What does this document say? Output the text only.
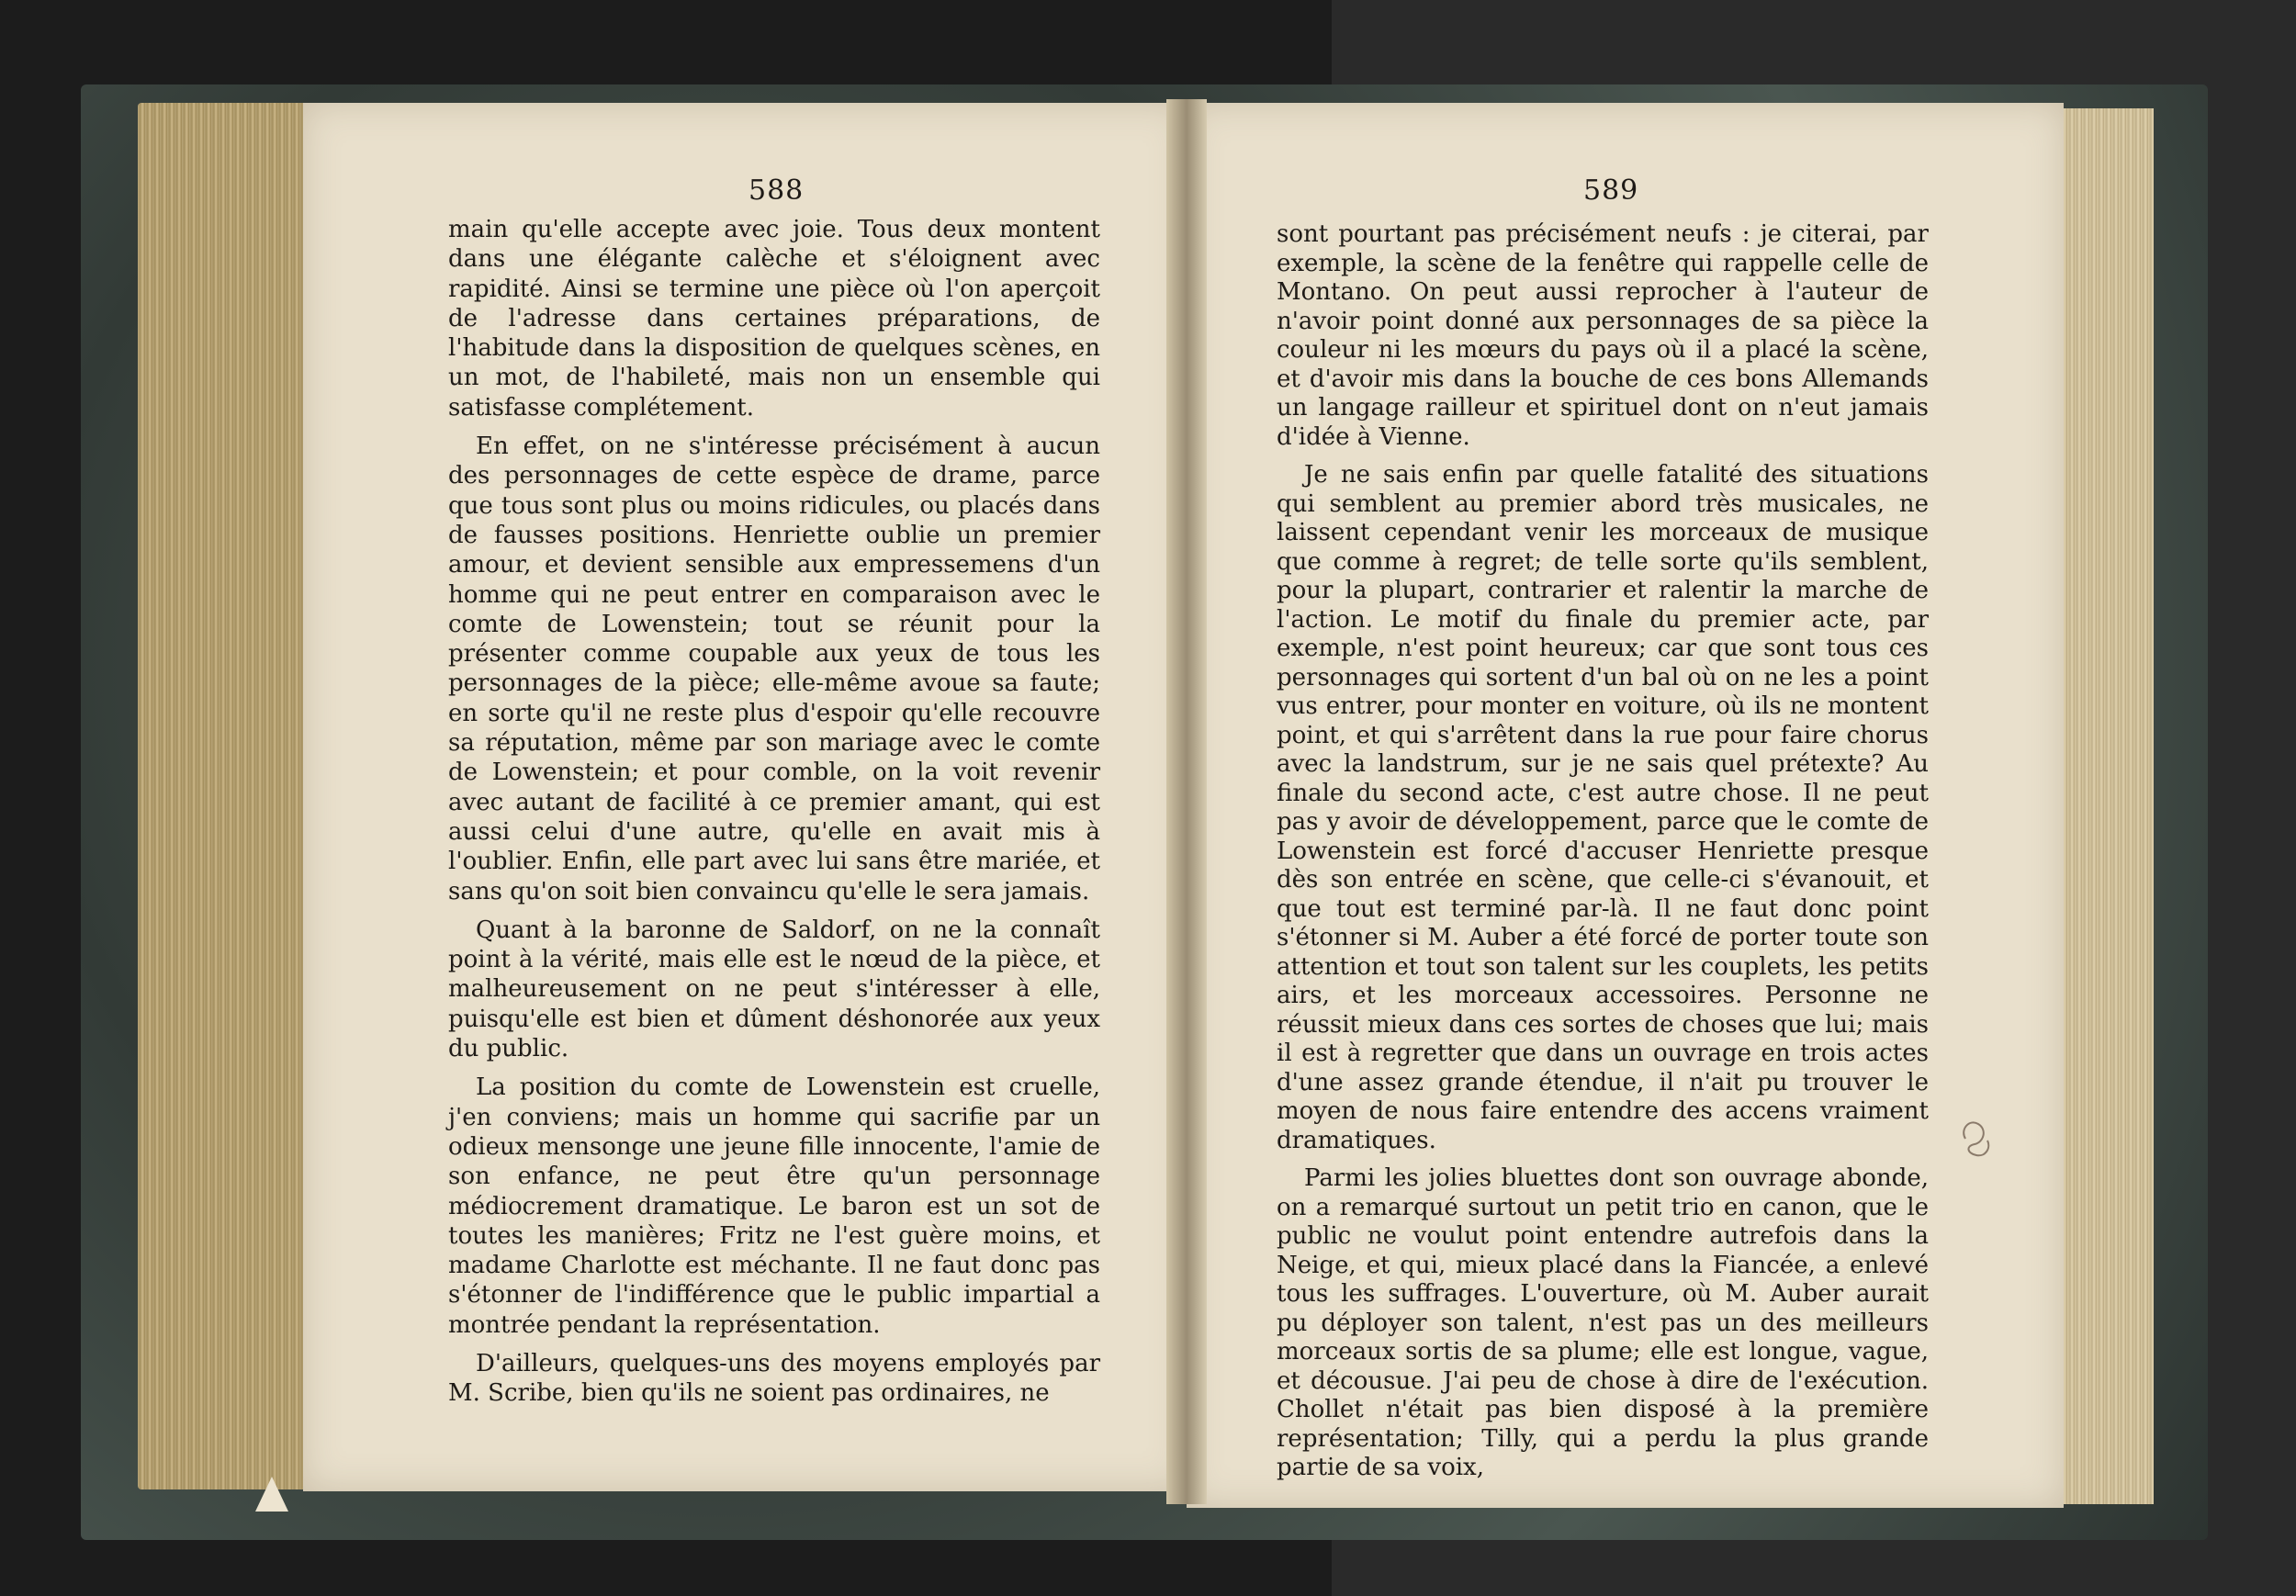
588

main qu'elle accepte avec joie. Tous deux montent dans une élégante calèche et s'éloignent avec rapidité. Ainsi se termine une pièce où l'on aperçoit de l'adresse dans certaines préparations, de l'habitude dans la disposition de quelques scènes, en un mot, de l'habileté, mais non un ensemble qui satisfasse complétement.

En effet, on ne s'intéresse précisément à aucun des personnages de cette espèce de drame, parce que tous sont plus ou moins ridicules, ou placés dans de fausses positions. Henriette oublie un premier amour, et devient sensible aux empressemens d'un homme qui ne peut entrer en comparaison avec le comte de Lowenstein; tout se réunit pour la présenter comme coupable aux yeux de tous les personnages de la pièce; elle-même avoue sa faute; en sorte qu'il ne reste plus d'espoir qu'elle recouvre sa réputation, même par son mariage avec le comte de Lowenstein; et pour comble, on la voit revenir avec autant de facilité à ce premier amant, qui est aussi celui d'une autre, qu'elle en avait mis à l'oublier. Enfin, elle part avec lui sans être mariée, et sans qu'on soit bien convaincu qu'elle le sera jamais.

Quant à la baronne de Saldorf, on ne la connaît point à la vérité, mais elle est le nœud de la pièce, et malheureusement on ne peut s'intéresser à elle, puisqu'elle est bien et dûment déshonorée aux yeux du public.

La position du comte de Lowenstein est cruelle, j'en conviens; mais un homme qui sacrifie par un odieux mensonge une jeune fille innocente, l'amie de son enfance, ne peut être qu'un personnage médiocrement dramatique. Le baron est un sot de toutes les manières; Fritz ne l'est guère moins, et madame Charlotte est méchante. Il ne faut donc pas s'étonner de l'indifférence que le public impartial a montrée pendant la représentation.

D'ailleurs, quelques-uns des moyens employés par M. Scribe, bien qu'ils ne soient pas ordinaires, ne

589

sont pourtant pas précisément neufs : je citerai, par exemple, la scène de la fenêtre qui rappelle celle de Montano. On peut aussi reprocher à l'auteur de n'avoir point donné aux personnages de sa pièce la couleur ni les mœurs du pays où il a placé la scène, et d'avoir mis dans la bouche de ces bons Allemands un langage railleur et spirituel dont on n'eut jamais d'idée à Vienne.

Je ne sais enfin par quelle fatalité des situations qui semblent au premier abord très musicales, ne laissent cependant venir les morceaux de musique que comme à regret; de telle sorte qu'ils semblent, pour la plupart, contrarier et ralentir la marche de l'action. Le motif du finale du premier acte, par exemple, n'est point heureux; car que sont tous ces personnages qui sortent d'un bal où on ne les a point vus entrer, pour monter en voiture, où ils ne montent point, et qui s'arrêtent dans la rue pour faire chorus avec la landstrum, sur je ne sais quel prétexte? Au finale du second acte, c'est autre chose. Il ne peut pas y avoir de développement, parce que le comte de Lowenstein est forcé d'accuser Henriette presque dès son entrée en scène, que celle-ci s'évanouit, et que tout est terminé par-là. Il ne faut donc point s'étonner si M. Auber a été forcé de porter toute son attention et tout son talent sur les couplets, les petits airs, et les morceaux accessoires. Personne ne réussit mieux dans ces sortes de choses que lui; mais il est à regretter que dans un ouvrage en trois actes d'une assez grande étendue, il n'ait pu trouver le moyen de nous faire entendre des accens vraiment dramatiques.

Parmi les jolies bluettes dont son ouvrage abonde, on a remarqué surtout un petit trio en canon, que le public ne voulut point entendre autrefois dans la Neige, et qui, mieux placé dans la Fiancée, a enlevé tous les suffrages. L'ouverture, où M. Auber aurait pu déployer son talent, n'est pas un des meilleurs morceaux sortis de sa plume; elle est longue, vague, et décousue. J'ai peu de chose à dire de l'exécution. Chollet n'était pas bien disposé à la première représentation; Tilly, qui a perdu la plus grande partie de sa voix,
